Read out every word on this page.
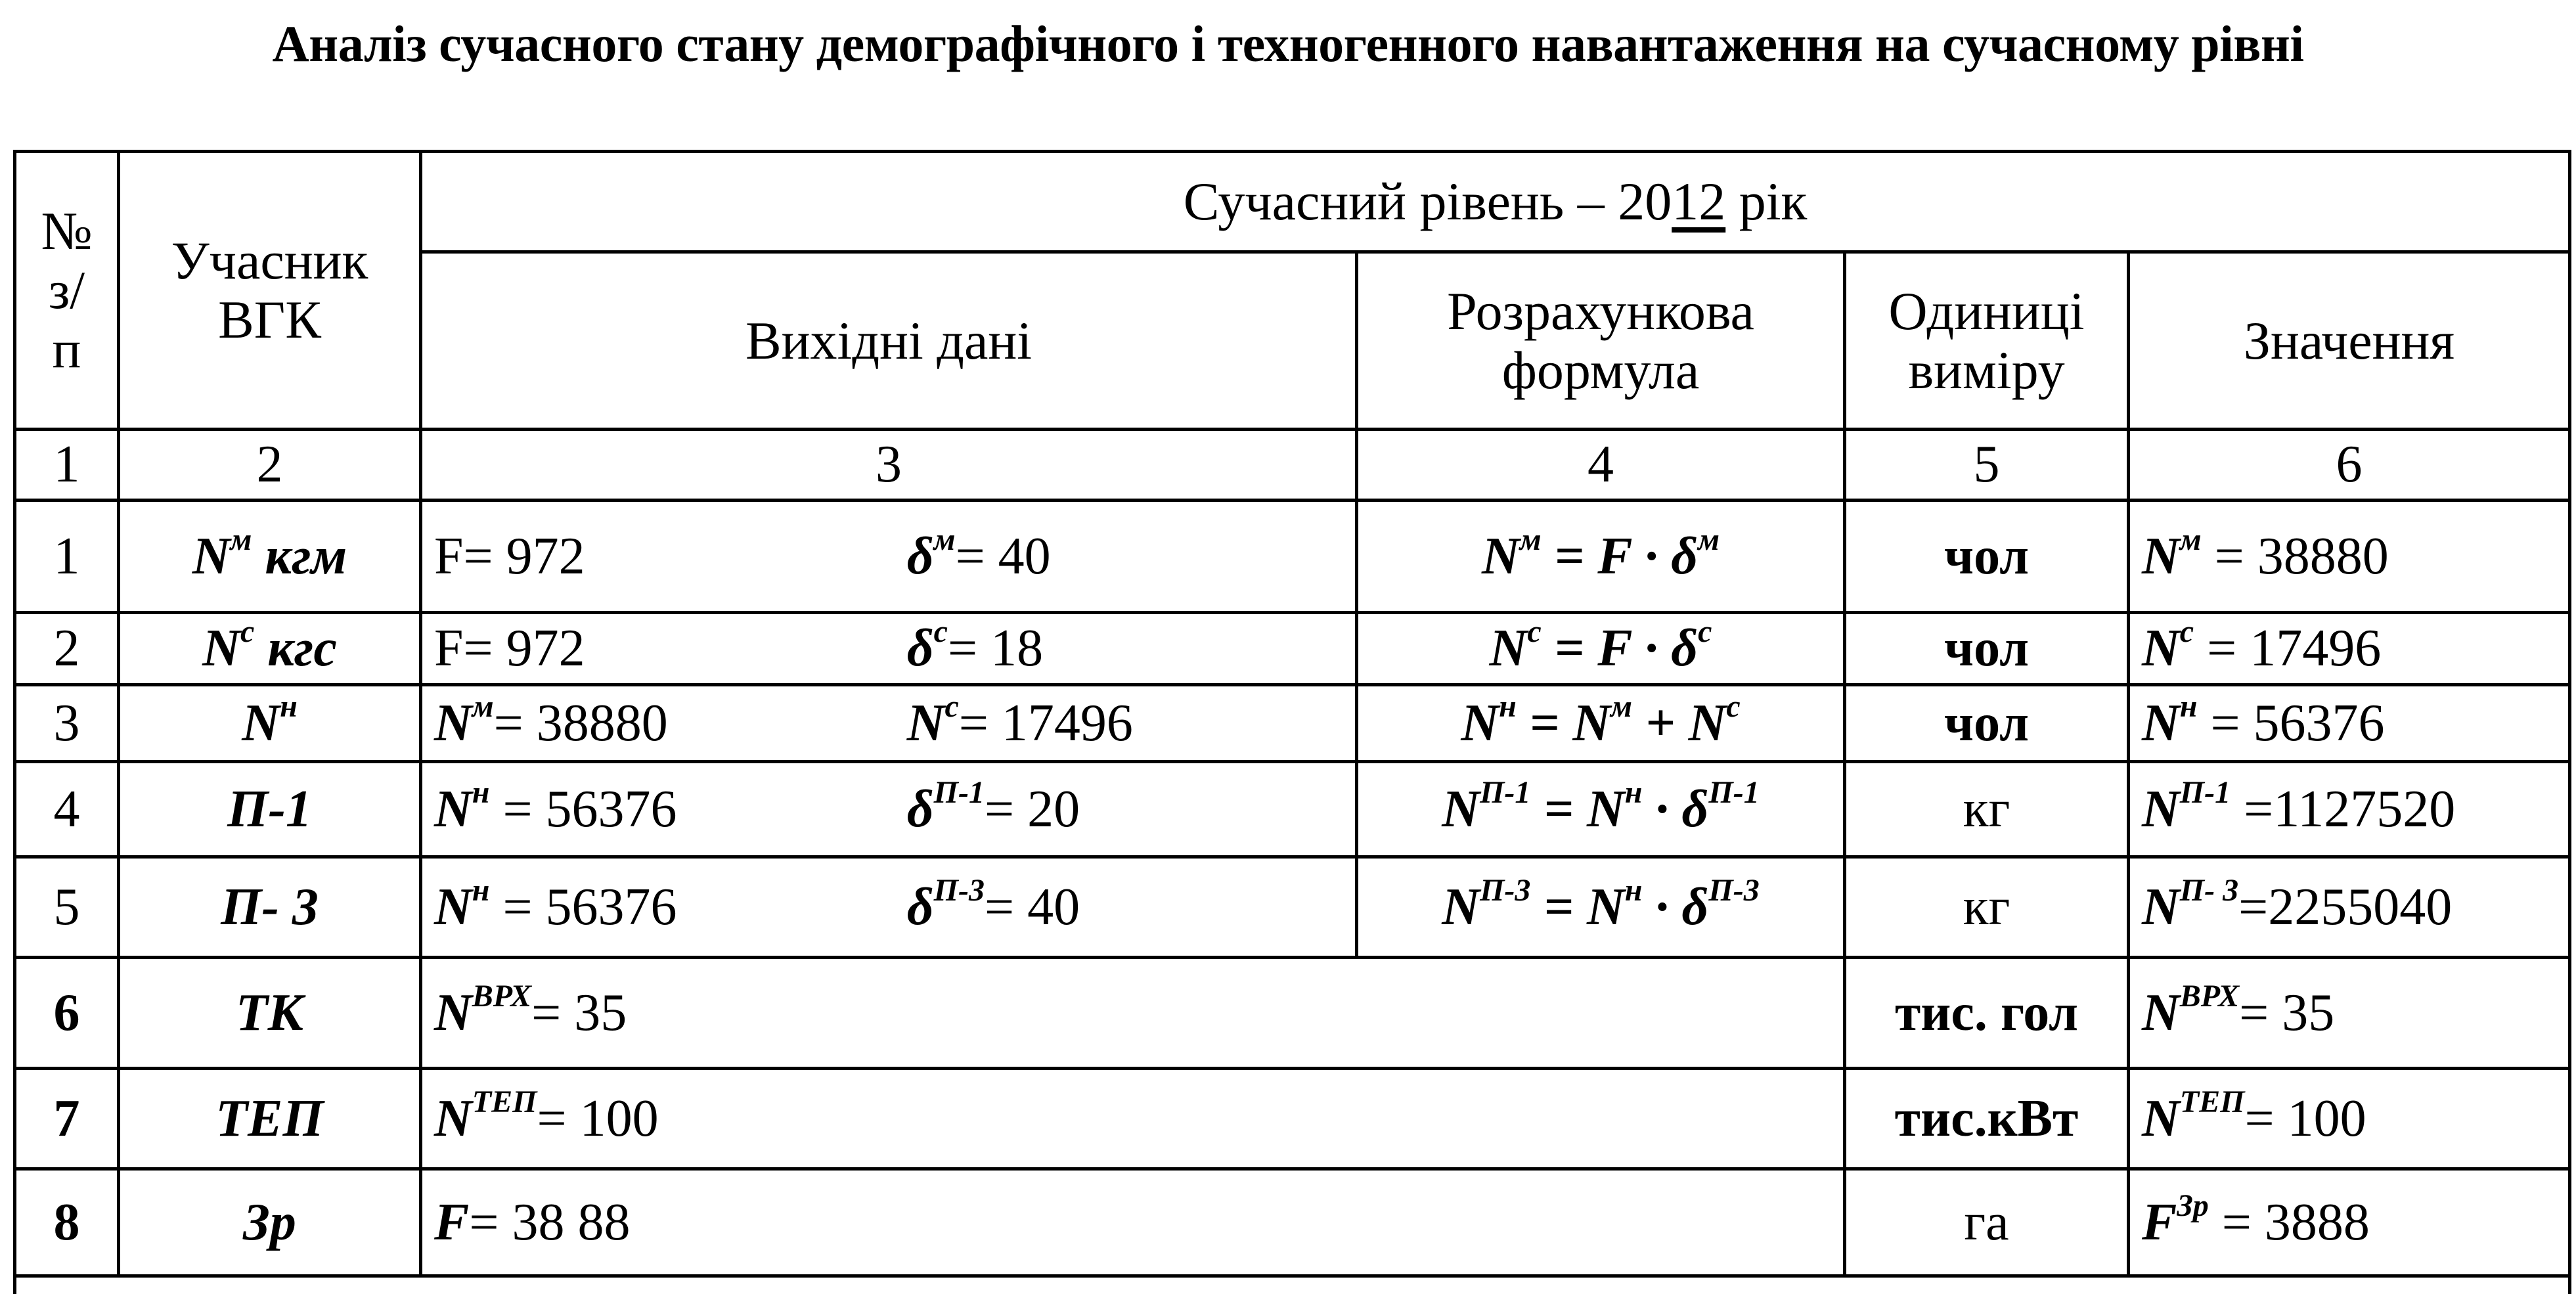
Аналіз сучасного стану демографічного і техногенного навантаження на сучасному рівні
№ з/ п	Учасник ВГК	Сучасний рівень – 2012 рік			
		Вихідні дані	Розрахункова формула	Одиниці виміру	Значення
1	2	3	4	5	6
1	$N^м$ кгм	F= 972 $\delta^м= 40$	$N^м = F \cdot \delta^м$	чол	$N^м = 38880$
2	$N^с$ кгс	F= 972 $\delta^с= 18$	$N^с = F \cdot \delta^с$	чол	$N^с = 17496$
3	$N^н$	$N^м= 38880$ $N^с= 17496$	$N^н = N^м + N^с$	чол	$N^н = 56376$
4	П-1	$N^н = 56376$ $\delta^{П-1}= 20$	$N^{П-1} = N^н \cdot \delta^{П-1}$	кг	$N^{П-1} =1127520$
5	П- 3	$N^н = 56376$ $\delta^{П-3}= 40$	$N^{П-3} = N^н \cdot \delta^{П-3}$	кг	$N^{П- 3}=2255040$
6	ТК	$N^{ВРХ}= 35$		тис. гол	$N^{ВРХ}= 35$
7	ТЕП	$N^{ТЕП}= 100$		тис.кВт	$N^{ТЕП}= 100$
8	Зр	F= 38 88		га	$F^{Зр} = 3888$
